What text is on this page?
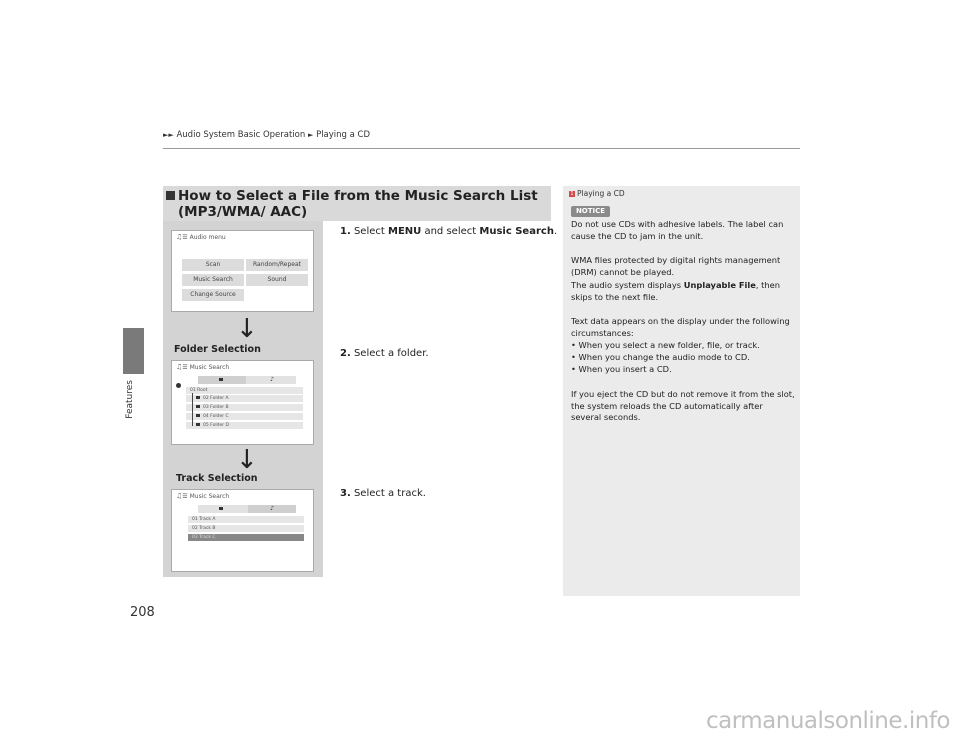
►► Audio System Basic Operation ► Playing a CD
Features
How to Select a File from the Music Search List (MP3/WMA/ AAC)
♫☰ Audio menu
Scan	Random/Repeat
Music Search	Sound
Change Source
↓
Folder Selection
♫☰ Music Search
♪
01 Root
02 Folder A
03 Folder B
04 Folder C
05 Folder D
↓
Track Selection
♫☰ Music Search
♪
01 Track A
02 Track B
03 Track C
1. Select MENU and select Music Search.
2. Select a folder.
3. Select a track.
1 Playing a CD
NOTICE
Do not use CDs with adhesive labels. The label can cause the CD to jam in the unit.
WMA files protected by digital rights management (DRM) cannot be played.
The audio system displays Unplayable File, then skips to the next file.
Text data appears on the display under the following circumstances:
• When you select a new folder, file, or track.
• When you change the audio mode to CD.
• When you insert a CD.
If you eject the CD but do not remove it from the slot, the system reloads the CD automatically after several seconds.
208
carmanualsonline.info
